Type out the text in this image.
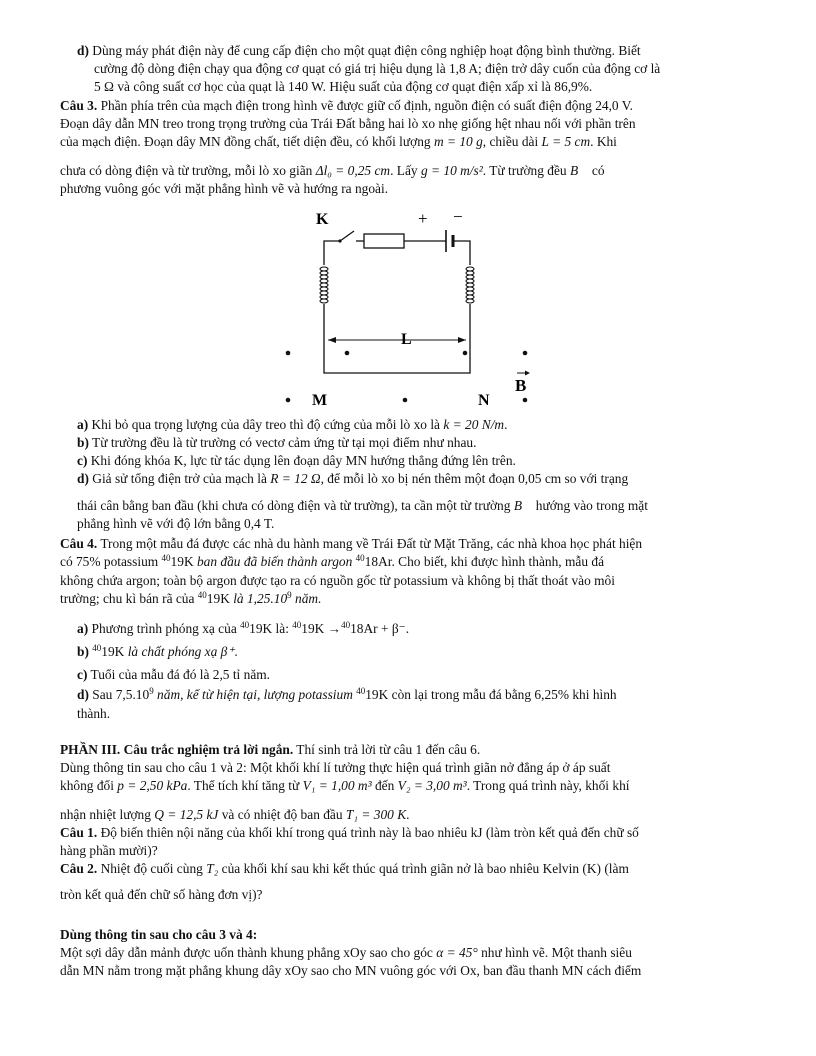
d) Dùng máy phát điện này để cung cấp điện cho một quạt điện công nghiệp hoạt động bình thường. Biết
cường độ dòng điện chạy qua động cơ quạt có giá trị hiệu dụng là 1,8 A; điện trở dây cuốn của động cơ là
5 Ω và công suất cơ học của quạt là 140 W. Hiệu suất của động cơ quạt điện xấp xỉ là 86,9%.

Câu 3. Phần phía trên của mạch điện trong hình vẽ được giữ cố định, nguồn điện có suất điện động 24,0 V.
Đoạn dây dẫn MN treo trong trọng trường của Trái Đất bằng hai lò xo nhẹ giống hệt nhau nối với phần trên
của mạch điện. Đoạn dây MN đồng chất, tiết diện đều, có khối lượng m = 10 g, chiều dài L = 5 cm. Khi

chưa có dòng điện và từ trường, mỗi lò xo giãn Δl₀ = 0,25 cm. Lấy g = 10 m/s². Từ trường đều B⃗ có
phương vuông góc với mặt phẳng hình vẽ và hướng ra ngoài.

K	+ −
L
B
M	N

a) Khi bỏ qua trọng lượng của dây treo thì độ cứng của mỗi lò xo là k = 20 N/m.
b) Từ trường đều là từ trường có vectơ cảm ứng từ tại mọi điểm như nhau.
c) Khi đóng khóa K, lực từ tác dụng lên đoạn dây MN hướng thẳng đứng lên trên.
d) Giả sử tổng điện trở của mạch là R = 12 Ω, để mỗi lò xo bị nén thêm một đoạn 0,05 cm so với trạng

thái cân bằng ban đầu (khi chưa có dòng điện và từ trường), ta cần một từ trường B⃗ hướng vào trong mặt
phẳng hình vẽ với độ lớn bằng 0,4 T.

Câu 4. Trong một mẫu đá được các nhà du hành mang về Trái Đất từ Mặt Trăng, các nhà khoa học phát hiện
có 75% potassium $^{40}$19K ban đầu đã biến thành argon $^{40}$18Ar. Cho biết, khi được hình thành, mẫu đá
không chứa argon; toàn bộ argon được tạo ra có nguồn gốc từ potassium và không bị thất thoát vào môi
trường; chu kì bán rã của $^{40}$19K là 1,25.10$^9$ năm.

a) Phương trình phóng xạ của $^{40}$19K là: $^{40}$19K →$^{40}$18Ar + β⁻.

b) $^{40}$19K là chất phóng xạ β⁺.

c) Tuổi của mẫu đá đó là 2,5 tỉ năm.

d) Sau 7,5.10$^9$ năm, kể từ hiện tại, lượng potassium $^{40}$19K còn lại trong mẫu đá bằng 6,25% khi hình
thành.

PHẦN III. Câu trắc nghiệm trả lời ngắn. Thí sinh trả lời từ câu 1 đến câu 6.
Dùng thông tin sau cho câu 1 và 2: Một khối khí lí tưởng thực hiện quá trình giãn nở đẳng áp ở áp suất
không đổi p = 2,50 kPa. Thể tích khí tăng từ V₁ = 1,00 m³ đến V₂ = 3,00 m³. Trong quá trình này, khối khí

nhận nhiệt lượng Q = 12,5 kJ và có nhiệt độ ban đầu T₁ = 300 K.
Câu 1. Độ biến thiên nội năng của khối khí trong quá trình này là bao nhiêu kJ (làm tròn kết quả đến chữ số
hàng phần mười)?
Câu 2. Nhiệt độ cuối cùng T₂ của khối khí sau khi kết thúc quá trình giãn nở là bao nhiêu Kelvin (K) (làm

tròn kết quả đến chữ số hàng đơn vị)?

Dùng thông tin sau cho câu 3 và 4:
Một sợi dây dẫn mảnh được uốn thành khung phẳng xOy sao cho góc α = 45° như hình vẽ. Một thanh siêu
dẫn MN nằm trong mặt phẳng khung dây xOy sao cho MN vuông góc với Ox, ban đầu thanh MN cách điểm
